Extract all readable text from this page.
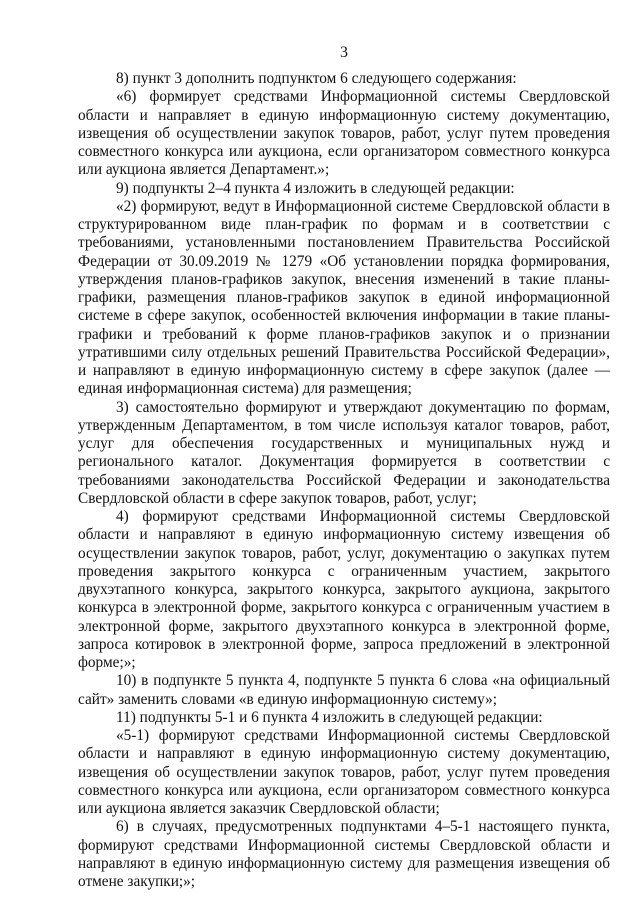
3

8) пункт 3 дополнить подпунктом 6 следующего содержания:

«6) формирует средствами Информационной системы Свердловской области и направляет в единую информационную систему документацию, извещения об осуществлении закупок товаров, работ, услуг путем проведения совместного конкурса или аукциона, если организатором совместного конкурса или аукциона является Департамент.»;

9) подпункты 2–4 пункта 4 изложить в следующей редакции:

«2) формируют, ведут в Информационной системе Свердловской области в структурированном виде план-график по формам и в соответствии с требованиями, установленными постановлением Правительства Российской Федерации от 30.09.2019 № 1279 «Об установлении порядка формирования, утверждения планов-графиков закупок, внесения изменений в такие планы-графики, размещения планов-графиков закупок в единой информационной системе в сфере закупок, особенностей включения информации в такие планы-графики и требований к форме планов-графиков закупок и о признании утратившими силу отдельных решений Правительства Российской Федерации», и направляют в единую информационную систему в сфере закупок (далее — единая информационная система) для размещения;

3) самостоятельно формируют и утверждают документацию по формам, утвержденным Департаментом, в том числе используя каталог товаров, работ, услуг для обеспечения государственных и муниципальных нужд и регионального каталог. Документация формируется в соответствии с требованиями законодательства Российской Федерации и законодательства Свердловской области в сфере закупок товаров, работ, услуг;

4) формируют средствами Информационной системы Свердловской области и направляют в единую информационную систему извещения об осуществлении закупок товаров, работ, услуг, документацию о закупках путем проведения закрытого конкурса с ограниченным участием, закрытого двухэтапного конкурса, закрытого конкурса, закрытого аукциона, закрытого конкурса в электронной форме, закрытого конкурса с ограниченным участием в электронной форме, закрытого двухэтапного конкурса в электронной форме, запроса котировок в электронной форме, запроса предложений в электронной форме;»;

10) в подпункте 5 пункта 4, подпункте 5 пункта 6 слова «на официальный сайт» заменить словами «в единую информационную систему»;

11) подпункты 5-1 и 6 пункта 4 изложить в следующей редакции:

«5-1) формируют средствами Информационной системы Свердловской области и направляют в единую информационную систему документацию, извещения об осуществлении закупок товаров, работ, услуг путем проведения совместного конкурса или аукциона, если организатором совместного конкурса или аукциона является заказчик Свердловской области;

6) в случаях, предусмотренных подпунктами 4–5-1 настоящего пункта, формируют средствами Информационной системы Свердловской области и направляют в единую информационную систему для размещения извещения об отмене закупки;»;
